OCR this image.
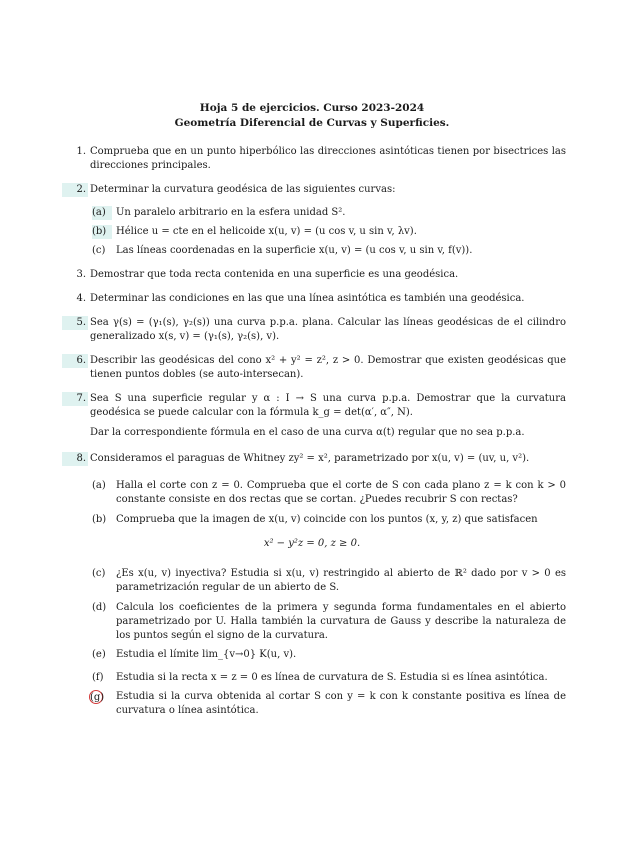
Hoja 5 de ejercicios. Curso 2023-2024
Geometría Diferencial de Curvas y Superficies.
1. Comprueba que en un punto hiperbólico las direcciones asintóticas tienen por bisectrices las direcciones principales.
2. Determinar la curvatura geodésica de las siguientes curvas:
(a)	Un paralelo arbitrario en la esfera unidad S².
(b) Hélice u = cte en el helicoide x(u, v) = (u cos v, u sin v, λv).
(c)	Las líneas coordenadas en la superficie x(u, v) = (u cos v, u sin v, f(v)).
3. Demostrar que toda recta contenida en una superficie es una geodésica.
4. Determinar las condiciones en las que una línea asintótica es también una geodésica.
5. Sea γ(s) = (γ₁(s), γ₂(s)) una curva p.p.a. plana. Calcular las líneas geodésicas de el cilindro generalizado x(s, v) = (γ₁(s), γ₂(s), v).
6. Describir las geodésicas del cono x² + y² = z², z > 0. Demostrar que existen geodésicas que tienen puntos dobles (se auto-intersecan).
7. Sea S una superficie regular y α : I → S una curva p.p.a. Demostrar que la curvatura geodésica se puede calcular con la fórmula k_g = det(α′, α″, N).
Dar la correspondiente fórmula en el caso de una curva α(t) regular que no sea p.p.a.
8. Consideramos el paraguas de Whitney zy² = x², parametrizado por x(u, v) = (uv, u, v²).
(a)	Halla el corte con z = 0. Comprueba que el corte de S con cada plano z = k con k > 0 constante consiste en dos rectas que se cortan. ¿Puedes recubrir S con rectas?
(b) Comprueba que la imagen de x(u, v) coincide con los puntos (x, y, z) que satisfacen
x² − y²z = 0, z ≥ 0.
(c)	¿Es x(u, v) inyectiva? Estudia si x(u, v) restringido al abierto de ℝ² dado por v > 0 es parametrización regular de un abierto de S.
(d) Calcula los coeficientes de la primera y segunda forma fundamentales en el abierto parametrizado por U. Halla también la curvatura de Gauss y describe la naturaleza de los puntos según el signo de la curvatura.
(e)	Estudia el límite lim_{v→0} K(u, v).
(f)	Estudia si la recta x = z = 0 es línea de curvatura de S. Estudia si es línea asintótica.
(g)	Estudia si la curva obtenida al cortar S con y = k con k constante positiva es línea de curvatura o línea asintótica.
